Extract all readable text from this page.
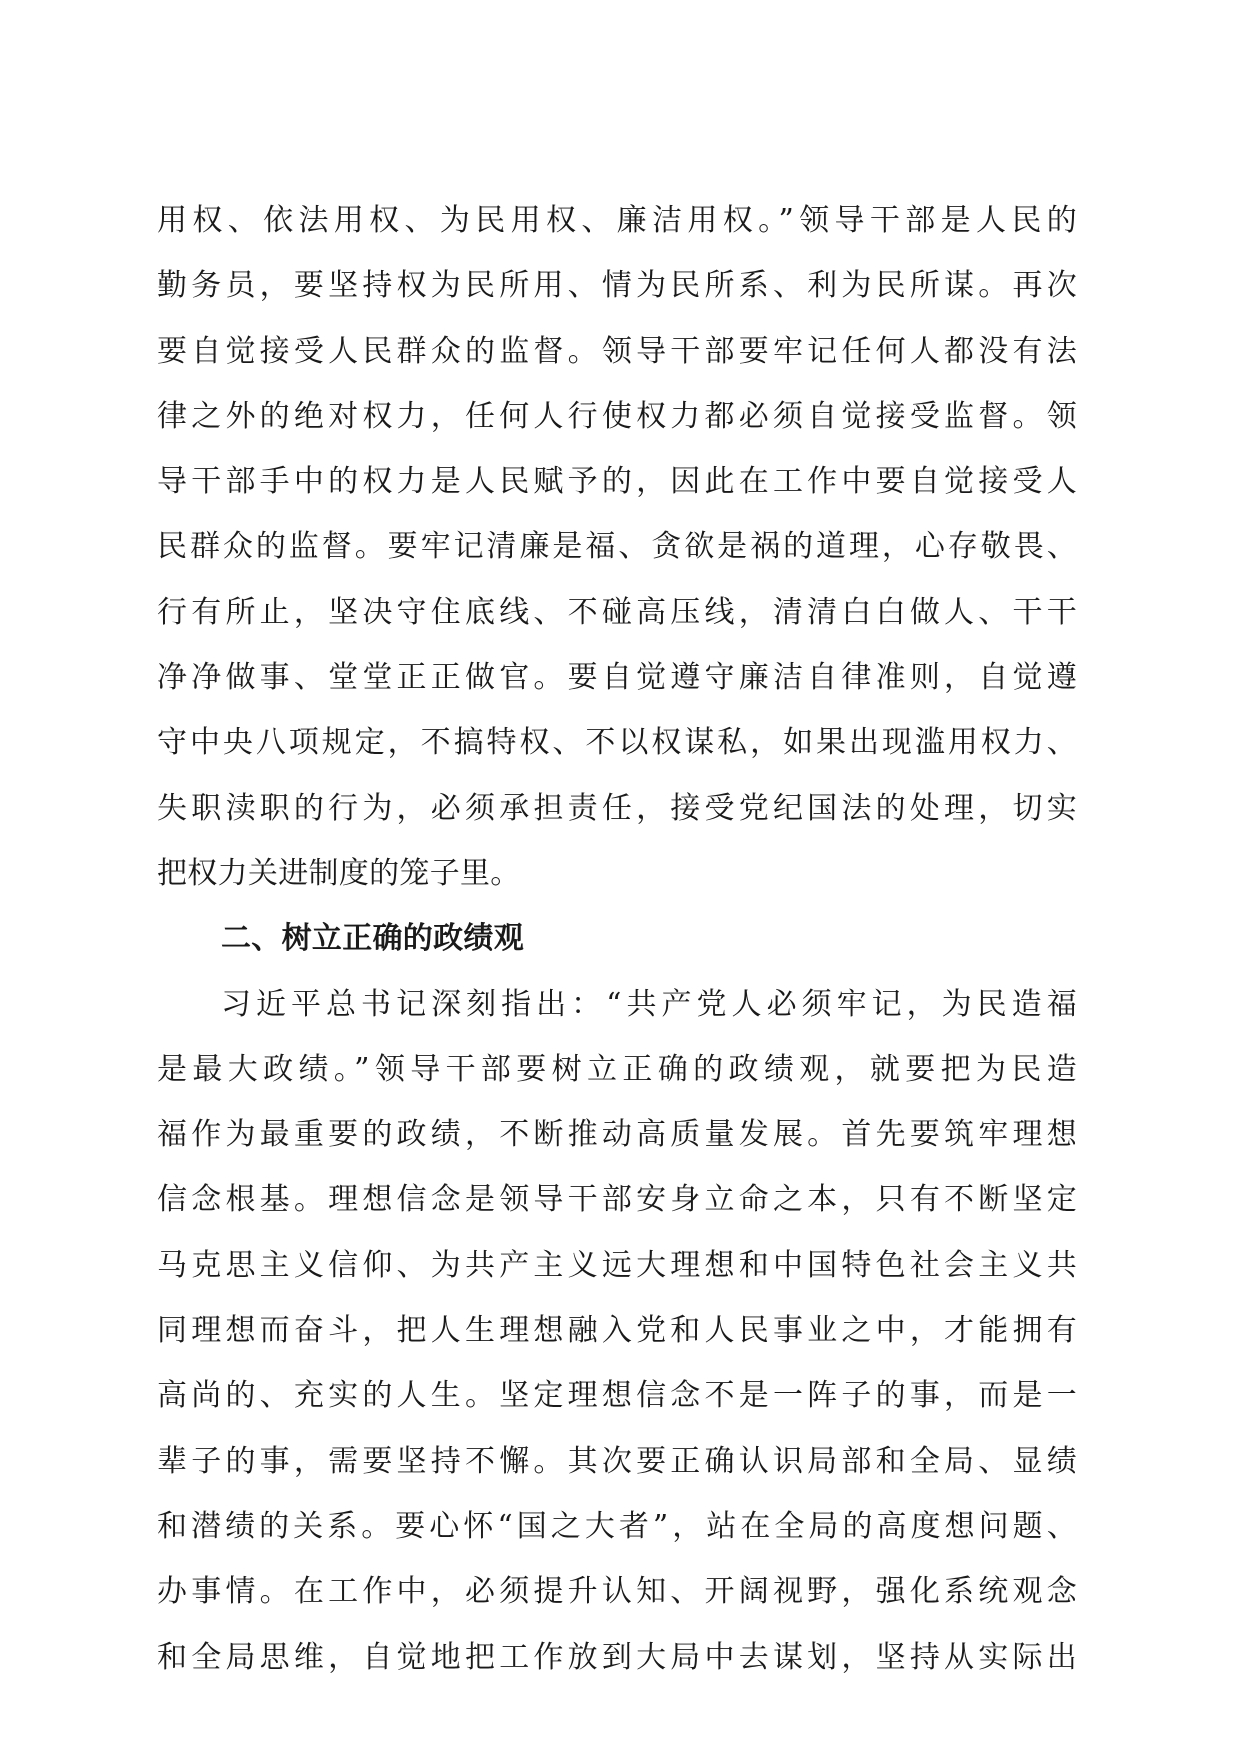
用权、依法用权、为民用权、廉洁用权。”领导干部是人民的
勤务员，要坚持权为民所用、情为民所系、利为民所谋。再次
要自觉接受人民群众的监督。领导干部要牢记任何人都没有法
律之外的绝对权力，任何人行使权力都必须自觉接受监督。领
导干部手中的权力是人民赋予的，因此在工作中要自觉接受人
民群众的监督。要牢记清廉是福、贪欲是祸的道理，心存敬畏、
行有所止，坚决守住底线、不碰高压线，清清白白做人、干干
净净做事、堂堂正正做官。要自觉遵守廉洁自律准则，自觉遵
守中央八项规定，不搞特权、不以权谋私，如果出现滥用权力、
失职渎职的行为，必须承担责任，接受党纪国法的处理，切实
把权力关进制度的笼子里。
二、树立正确的政绩观
习近平总书记深刻指出：“共产党人必须牢记，为民造福
是最大政绩。”领导干部要树立正确的政绩观，就要把为民造
福作为最重要的政绩，不断推动高质量发展。首先要筑牢理想
信念根基。理想信念是领导干部安身立命之本，只有不断坚定
马克思主义信仰、为共产主义远大理想和中国特色社会主义共
同理想而奋斗，把人生理想融入党和人民事业之中，才能拥有
高尚的、充实的人生。坚定理想信念不是一阵子的事，而是一
辈子的事，需要坚持不懈。其次要正确认识局部和全局、显绩
和潜绩的关系。要心怀“国之大者”，站在全局的高度想问题、
办事情。在工作中，必须提升认知、开阔视野，强化系统观念
和全局思维，自觉地把工作放到大局中去谋划，坚持从实际出
